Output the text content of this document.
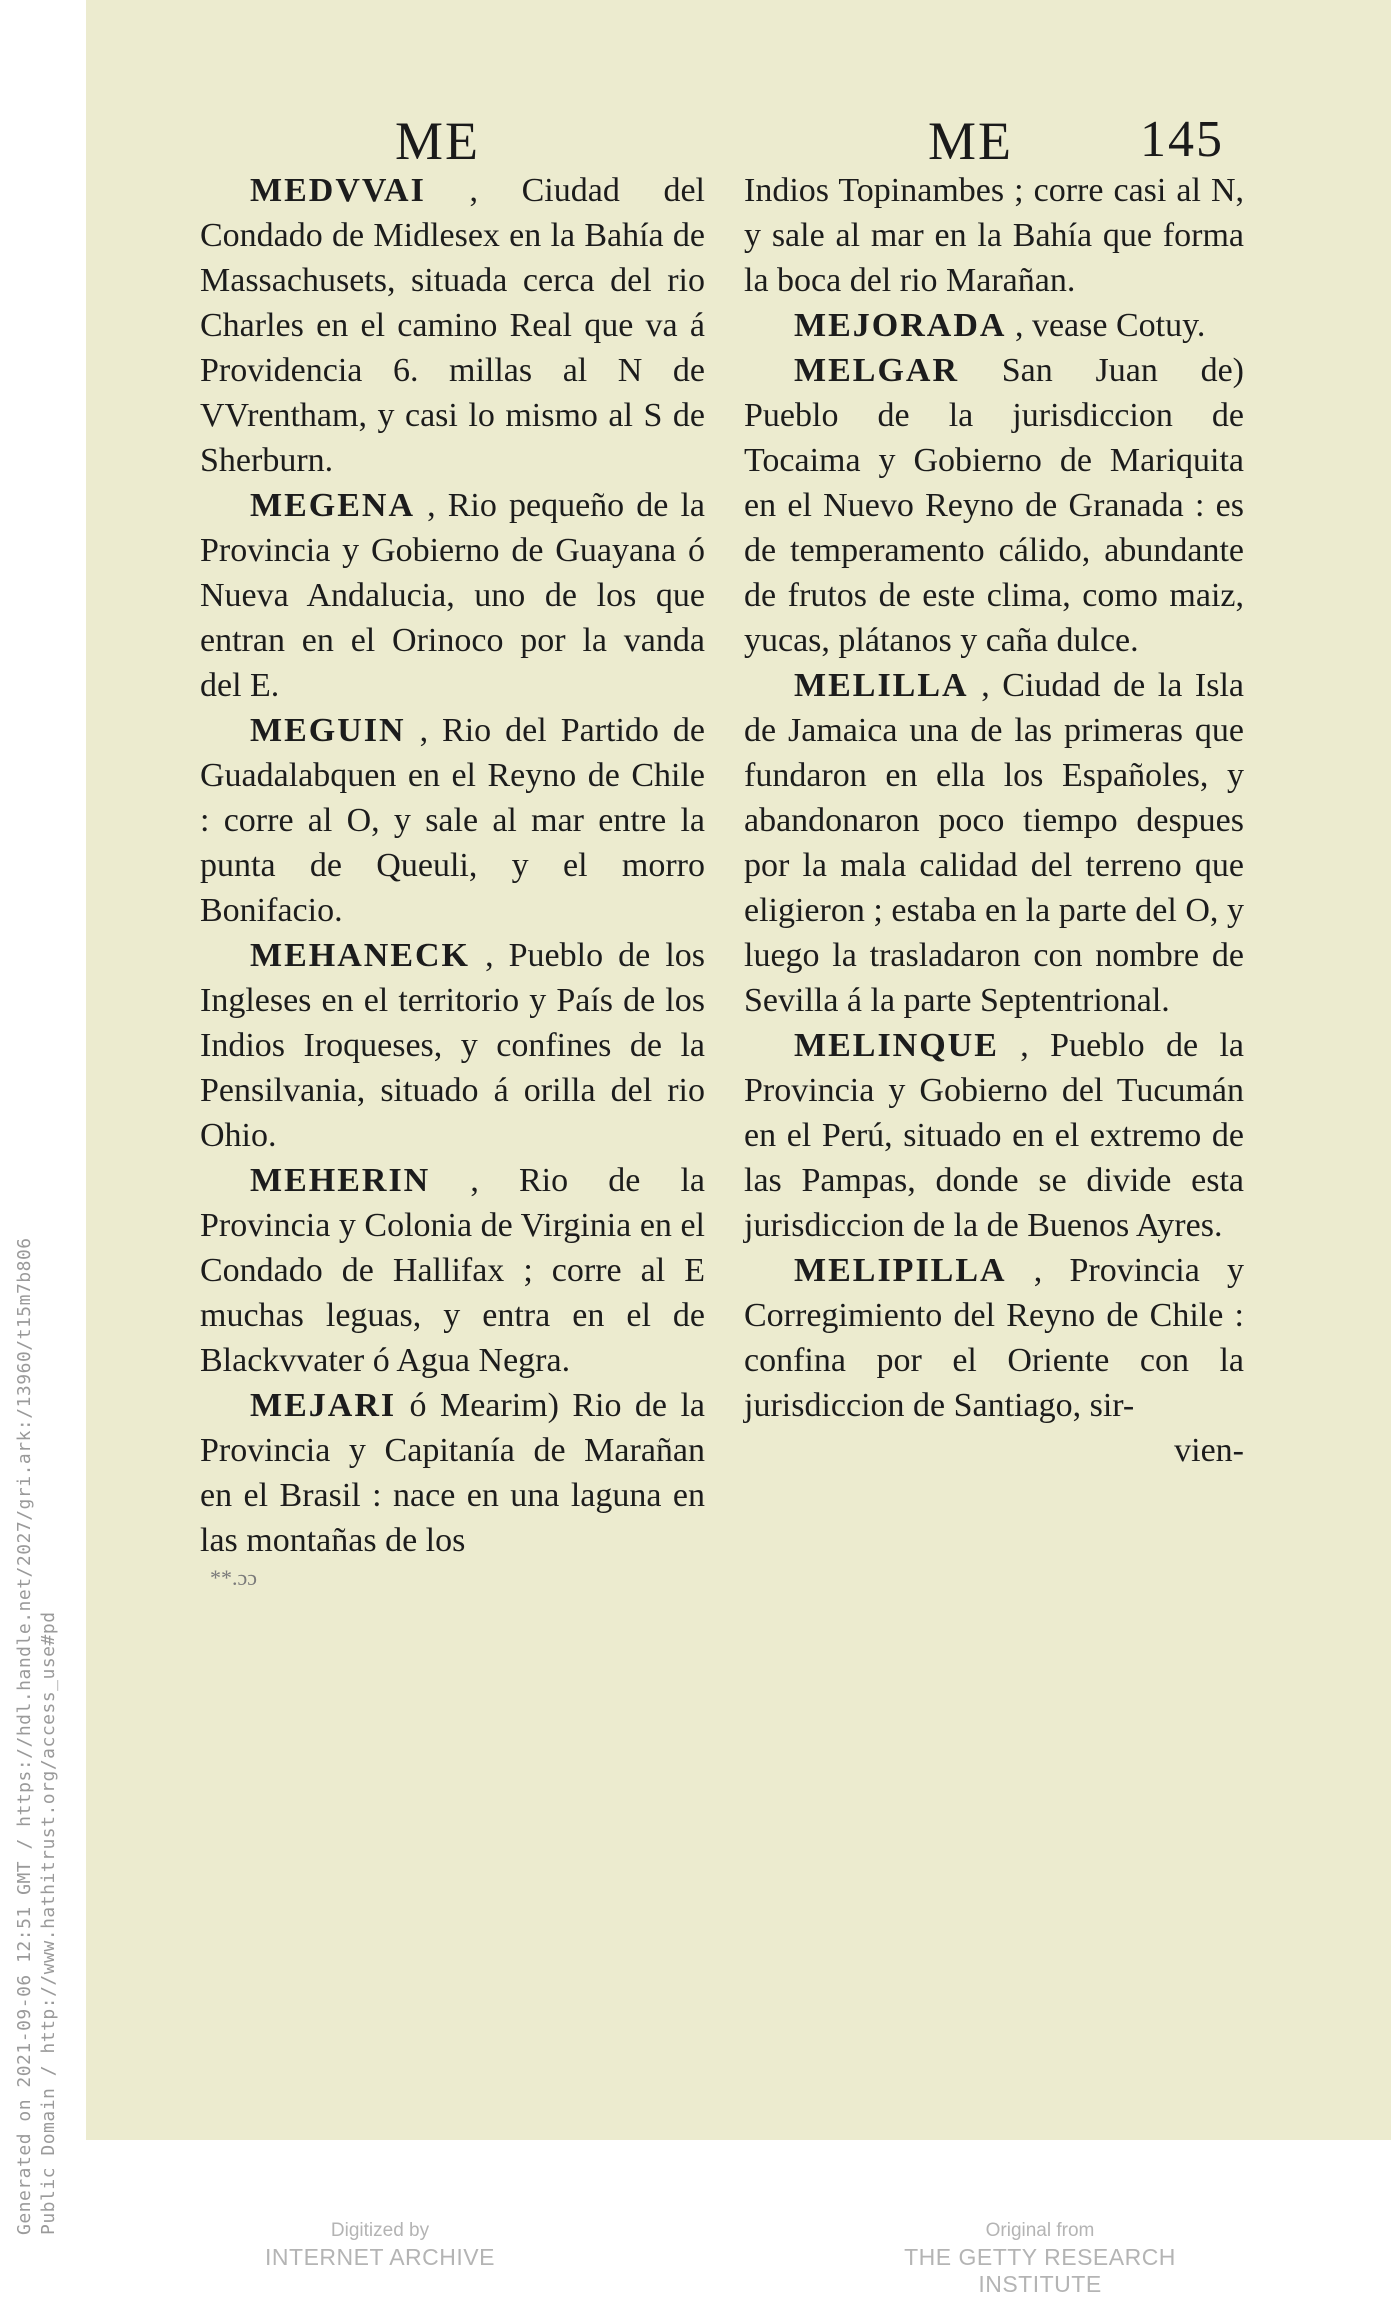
ME	ME 145

MEDVVAI , Ciudad del Condado de Midlesex en la Bahía de Massachusets, situada cerca del rio Charles en el camino Real que va á Providencia 6. millas al N de VVrentham, y casi lo mismo al S de Sherburn.

MEGENA , Rio pequeño de la Provincia y Gobierno de Guayana ó Nueva Andalucia, uno de los que entran en el Orinoco por la vanda del E.

MEGUIN , Rio del Partido de Guadalabquen en el Reyno de Chile : corre al O, y sale al mar entre la punta de Queuli, y el morro Bonifacio.

MEHANECK , Pueblo de los Ingleses en el territorio y País de los Indios Iroqueses, y confines de la Pensilvania, situado á orilla del rio Ohio.

MEHERIN , Rio de la Provincia y Colonia de Virginia en el Condado de Hallifax ; corre al E muchas leguas, y entra en el de Blackvvater ó Agua Negra.

MEJARI ó Mearim) Rio de la Provincia y Capitanía de Marañan en el Brasil : nace en una laguna en las montañas de los

**.ɔɔ

Indios Topinambes ; corre casi al N, y sale al mar en la Bahía que forma la boca del rio Marañan.

MEJORADA , vease Cotuy.

MELGAR San Juan de) Pueblo de la jurisdiccion de Tocaima y Gobierno de Mariquita en el Nuevo Reyno de Granada : es de temperamento cálido, abundante de frutos de este clima, como maiz, yucas, plátanos y caña dulce.

MELILLA , Ciudad de la Isla de Jamaica una de las primeras que fundaron en ella los Españoles, y abandonaron poco tiempo despues por la mala calidad del terreno que eligieron ; estaba en la parte del O, y luego la trasladaron con nombre de Sevilla á la parte Septentrional.

MELINQUE , Pueblo de la Provincia y Gobierno del Tucumán en el Perú, situado en el extremo de las Pampas, donde se divide esta jurisdiccion de la de Buenos Ayres.

MELIPILLA , Provincia y Corregimiento del Reyno de Chile : confina por el Oriente con la jurisdiccion de Santiago, sir-

vien-

Generated on 2021-09-06 12:51 GMT / https://hdl.handle.net/2027/gri.ark:/13960/t15m7b806 Public Domain / http://www.hathitrust.org/access_use#pd	Digitized by
INTERNET ARCHIVE
Original from
THE GETTY RESEARCH INSTITUTE
